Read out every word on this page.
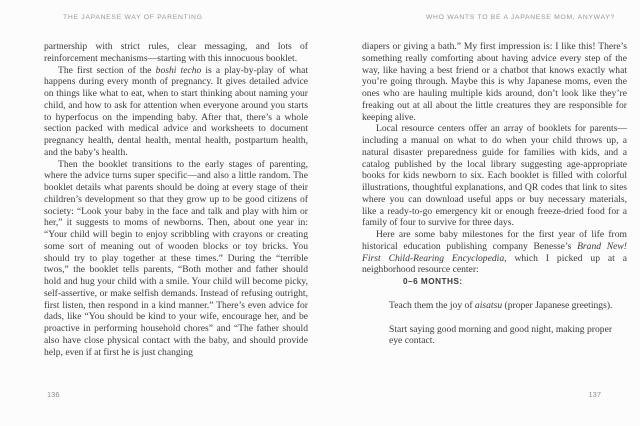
THE JAPANESE WAY OF PARENTING	WHO WANTS TO BE A JAPANESE MOM, ANYWAY?

partnership with strict rules, clear messaging, and lots of reinforcement mechanisms—starting with this innocuous booklet.

The first section of the boshi techo is a play-by-play of what happens during every month of pregnancy. It gives detailed advice on things like what to eat, when to start thinking about naming your child, and how to ask for attention when everyone around you starts to hyperfocus on the impending baby. After that, there’s a whole section packed with medical advice and worksheets to document pregnancy health, dental health, mental health, postpartum health, and the baby’s health.

Then the booklet transitions to the early stages of parenting, where the advice turns super specific—and also a little random. The booklet details what parents should be doing at every stage of their children’s development so that they grow up to be good citizens of society: “Look your baby in the face and talk and play with him or her,” it suggests to moms of newborns. Then, about one year in: “Your child will begin to enjoy scribbling with crayons or creating some sort of meaning out of wooden blocks or toy bricks. You should try to play together at these times.” During the “terrible twos,” the booklet tells parents, “Both mother and father should hold and hug your child with a smile. Your child will become picky, self-assertive, or make selfish demands. Instead of refusing outright, first listen, then respond in a kind manner.” There’s even advice for dads, like “You should be kind to your wife, encourage her, and be proactive in performing household chores” and “The father should also have close physical contact with the baby, and should provide help, even if at first he is just changing

diapers or giving a bath.” My first impression is: I like this! There’s something really comforting about having advice every step of the way, like having a best friend or a chatbot that knows exactly what you’re going through. Maybe this is why Japanese moms, even the ones who are hauling multiple kids around, don’t look like they’re freaking out at all about the little creatures they are responsible for keeping alive.

Local resource centers offer an array of booklets for parents—including a manual on what to do when your child throws up, a natural disaster preparedness guide for families with kids, and a catalog published by the local library suggesting age-appropriate books for kids newborn to six. Each booklet is filled with colorful illustrations, thoughtful explanations, and QR codes that link to sites where you can download useful apps or buy necessary materials, like a ready-to-go emergency kit or enough freeze-dried food for a family of four to survive for three days.

Here are some baby milestones for the first year of life from historical education publishing company Benesse’s Brand New! First Child-Rearing Encyclopedia, which I picked up at a neighborhood resource center:

0–6 MONTHS:

Teach them the joy of aisatsu (proper Japanese greetings).

Start saying good morning and good night, making proper eye contact.

136	137
